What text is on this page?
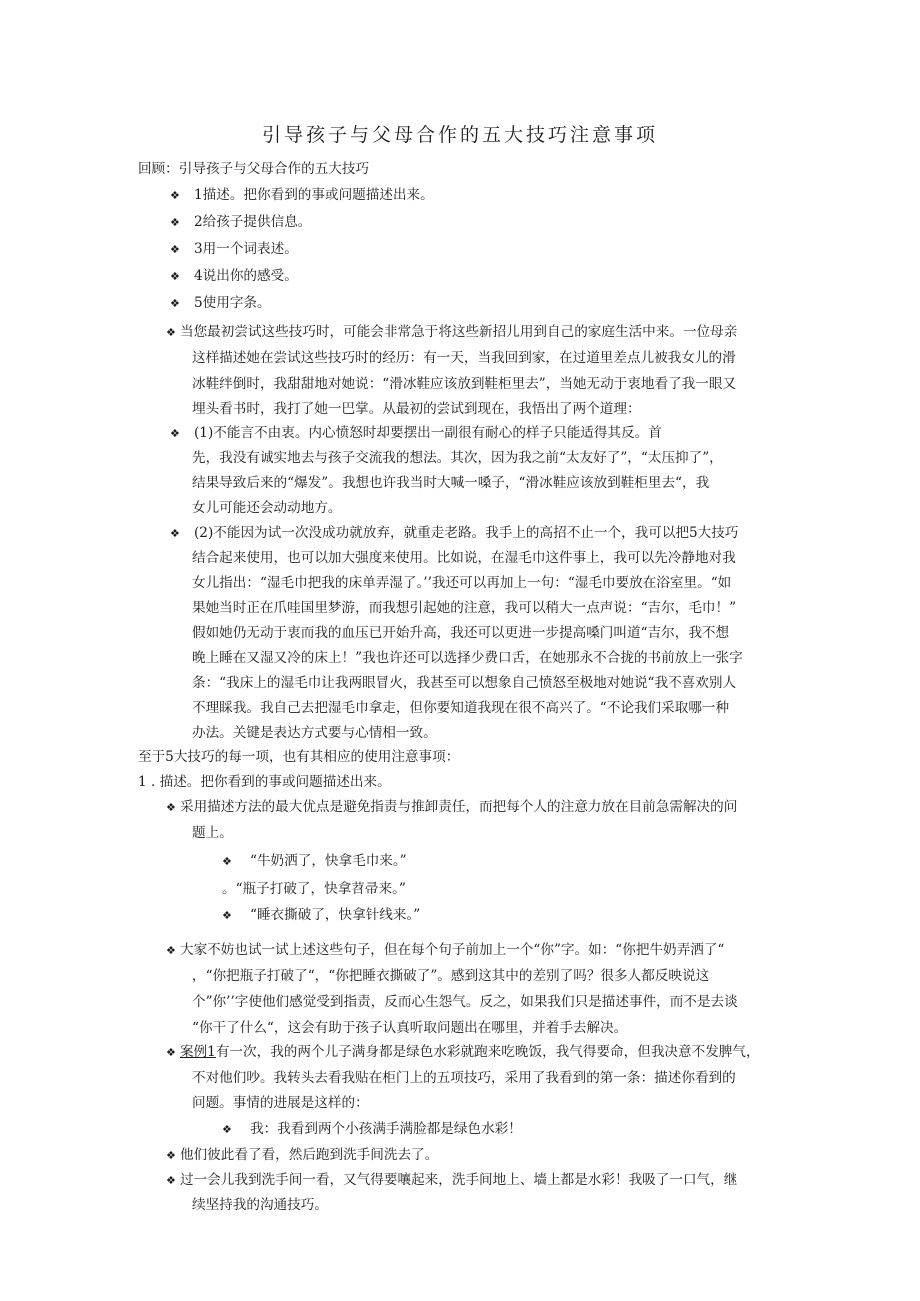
引导孩子与父母合作的五大技巧注意事项
回顾：引导孩子与父母合作的五大技巧
❖ 1描述。把你看到的事或问题描述出来。
❖ 2给孩子提供信息。
❖ 3用一个词表述。
❖ 4说出你的感受。
❖ 5使用字条。
❖ 当您最初尝试这些技巧时，可能会非常急于将这些新招儿用到自己的家庭生活中来。一位母亲
这样描述她在尝试这些技巧时的经历：有一天，当我回到家，在过道里差点儿被我女儿的滑
冰鞋绊倒时，我甜甜地对她说：“滑冰鞋应该放到鞋柜里去”，当她无动于衷地看了我一眼又
埋头看书时，我打了她一巴掌。从最初的尝试到现在，我悟出了两个道理：
❖ (1)不能言不由衷。内心愤怒时却要摆出一副很有耐心的样子只能适得其反。首
先，我没有诚实地去与孩子交流我的想法。其次，因为我之前“太友好了”，“太压抑了”，
结果导致后来的“爆发”。我想也许我当时大喊一嗓子，“滑冰鞋应该放到鞋柜里去“，我
女儿可能还会动动地方。
❖ (2)不能因为试一次没成功就放弃，就重走老路。我手上的高招不止一个，我可以把5大技巧
结合起来使用，也可以加大强度来使用。比如说，在湿毛巾这件事上，我可以先冷静地对我
女儿指出：“湿毛巾把我的床单弄湿了。’’我还可以再加上一句：“湿毛巾要放在浴室里。“如
果她当时正在爪哇国里梦游，而我想引起她的注意，我可以稍大一点声说：“吉尔，毛巾！”
假如她仍无动于衷而我的血压已开始升高，我还可以更进一步提高嗓门叫道“吉尔，我不想
晚上睡在又湿又冷的床上！”我也许还可以选择少费口舌，在她那永不合拢的书前放上一张字
条：“我床上的湿毛巾让我两眼冒火，我甚至可以想象自己愤怒至极地对她说“我不喜欢别人
不理睬我。我自己去把湿毛巾拿走，但你要知道我现在很不高兴了。“不论我们采取哪一种
办法。关键是表达方式要与心情相一致。
至于5大技巧的每一项，也有其相应的使用注意事项：
1 . 描述。把你看到的事或问题描述出来。
❖ 采用描述方法的最大优点是避免指责与推卸责任，而把每个人的注意力放在目前急需解决的问
题上。
❖ “牛奶洒了，快拿毛巾来。”
。“瓶子打破了，快拿苕帚来。”
❖ “睡衣撕破了，快拿针线来。”
❖ 大家不妨也试一试上述这些句子，但在每个句子前加上一个“你”字。如：“你把牛奶弄洒了“
，“你把瓶子打破了“，“你把睡衣撕破了”。感到这其中的差别了吗？很多人都反映说这
个”你’’字使他们感觉受到指责，反而心生怨气。反之，如果我们只是描述事件，而不是去谈
“你干了什么“，这会有助于孩子认真听取问题出在哪里，并着手去解决。
❖ 案例1有一次，我的两个儿子满身都是绿色水彩就跑来吃晚饭，我气得要命，但我决意不发脾气，
不对他们吵。我转头去看我贴在柜门上的五项技巧，采用了我看到的第一条：描述你看到的
问题。事情的进展是这样的：
❖ 我：我看到两个小孩满手满脸都是绿色水彩！
❖ 他们彼此看了看，然后跑到洗手间洗去了。
❖ 过一会儿我到洗手间一看，又气得要嚷起来，洗手间地上、墙上都是水彩！我吸了一口气，继
续坚持我的沟通技巧。
